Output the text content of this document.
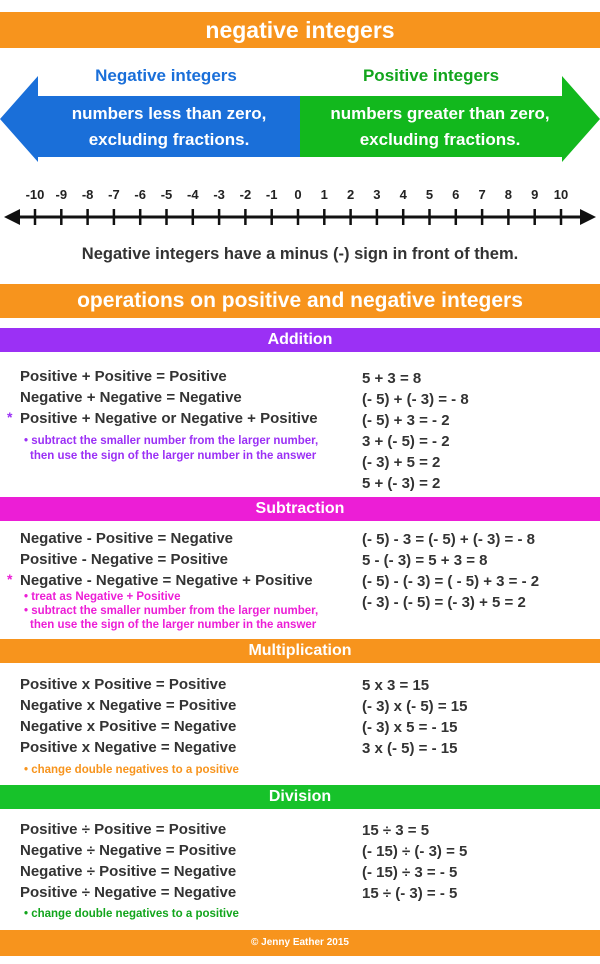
negative integers
Negative integers	Positive integers
numbers less than zero,
excluding fractions.
numbers greater than zero,
excluding fractions.
-10 -9	-8	-7	-6	-5	-4	-3	-2	-1	0	1	2	3	4	5	6	7	8	9	10
Negative integers have a minus (-) sign in front of them.
operations on positive and negative integers
Addition
Positive + Positive = Positive
Negative + Negative = Negative
* Positive + Negative or Negative + Positive
• subtract the smaller number from the larger number,
then use the sign of the larger number in the answer
5 + 3 = 8
(- 5) + (- 3) = - 8
(- 5) + 3 = - 2
3 + (- 5) = - 2
(- 3) + 5 = 2
5 + (- 3) = 2
Subtraction
Negative - Positive = Negative
Positive - Negative = Positive
* Negative - Negative = Negative + Positive
• treat as Negative + Positive
• subtract the smaller number from the larger number,
then use the sign of the larger number in the answer
(- 5) - 3 = (- 5) + (- 3) = - 8
5 - (- 3) = 5 + 3 = 8
(- 5) - (- 3) = ( - 5) + 3 = - 2
(- 3) - (- 5) = (- 3) + 5 = 2
Multiplication
Positive x Positive = Positive
Negative x Negative = Positive
Negative x Positive = Negative
Positive x Negative = Negative
• change double negatives to a positive
5 x 3 = 15
(- 3) x (- 5) = 15
(- 3) x 5 = - 15
3 x (- 5) = - 15
Division
Positive ÷ Positive = Positive
Negative ÷ Negative = Positive
Negative ÷ Positive = Negative
Positive ÷ Negative = Negative
• change double negatives to a positive
15 ÷ 3 = 5
(- 15) ÷ (- 3) = 5
(- 15) ÷ 3 = - 5
15 ÷ (- 3) = - 5
© Jenny Eather 2015
